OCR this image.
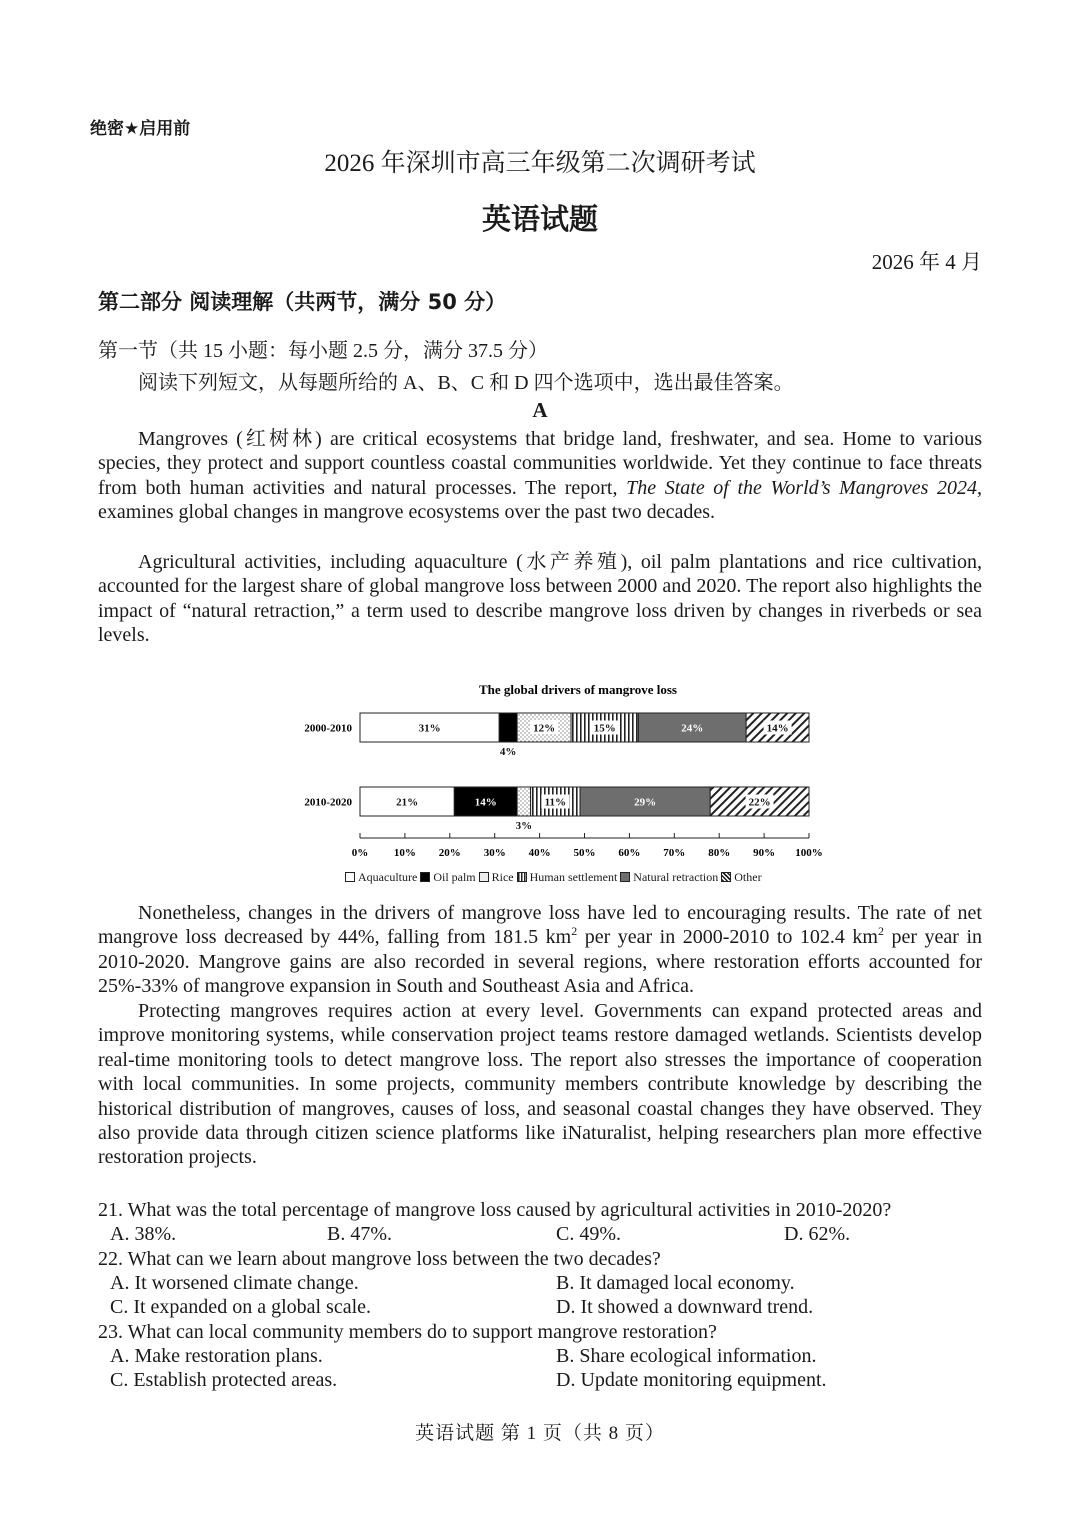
绝密★启用前
2026 年深圳市高三年级第二次调研考试
英语试题
2026 年 4 月
第二部分 阅读理解（共两节，满分 50 分）
第一节（共 15 小题：每小题 2.5 分，满分 37.5 分）
阅读下列短文，从每题所给的 A、B、C 和 D 四个选项中，选出最佳答案。
A

Mangroves (红树林) are critical ecosystems that bridge land, freshwater, and sea. Home to various species, they protect and support countless coastal communities worldwide. Yet they continue to face threats from both human activities and natural processes. The report, The State of the World’s Mangroves 2024, examines global changes in mangrove ecosystems over the past two decades.

Agricultural activities, including aquaculture (水产养殖), oil palm plantations and rice cultivation, accounted for the largest share of global mangrove loss between 2000 and 2020. The report also highlights the impact of “natural retraction,” a term used to describe mangrove loss driven by changes in riverbeds or sea levels.

The global drivers of mangrove loss
2000-2010	31%
4%
12%	15%	24%	14%
2010-2020	21%	14%
3%
11%	29%	22%
0% 10% 20% 30% 40% 50% 60% 70% 80% 90% 100%
Aquaculture Oil palm Rice Human settlement Natural retraction Other

Nonetheless, changes in the drivers of mangrove loss have led to encouraging results. The rate of net mangrove loss decreased by 44%, falling from 181.5 $km^2$ per year in 2000-2010 to 102.4 $km^2$ per year in 2010-2020. Mangrove gains are also recorded in several regions, where restoration efforts accounted for 25%-33% of mangrove expansion in South and Southeast Asia and Africa.

Protecting mangroves requires action at every level. Governments can expand protected areas and improve monitoring systems, while conservation project teams restore damaged wetlands. Scientists develop real-time monitoring tools to detect mangrove loss. The report also stresses the importance of cooperation with local communities. In some projects, community members contribute knowledge by describing the historical distribution of mangroves, causes of loss, and seasonal coastal changes they have observed. They also provide data through citizen science platforms like iNaturalist, helping researchers plan more effective restoration projects.

21. What was the total percentage of mangrove loss caused by agricultural activities in 2010-2020?
A. 38%.	B. 47%.	C. 49%.	D. 62%.
22. What can we learn about mangrove loss between the two decades?
A. It worsened climate change.	B. It damaged local economy.
C. It expanded on a global scale.	D. It showed a downward trend.
23. What can local community members do to support mangrove restoration?
A. Make restoration plans.	B. Share ecological information.
C. Establish protected areas.	D. Update monitoring equipment.
英语试题 第 1 页（共 8 页）
